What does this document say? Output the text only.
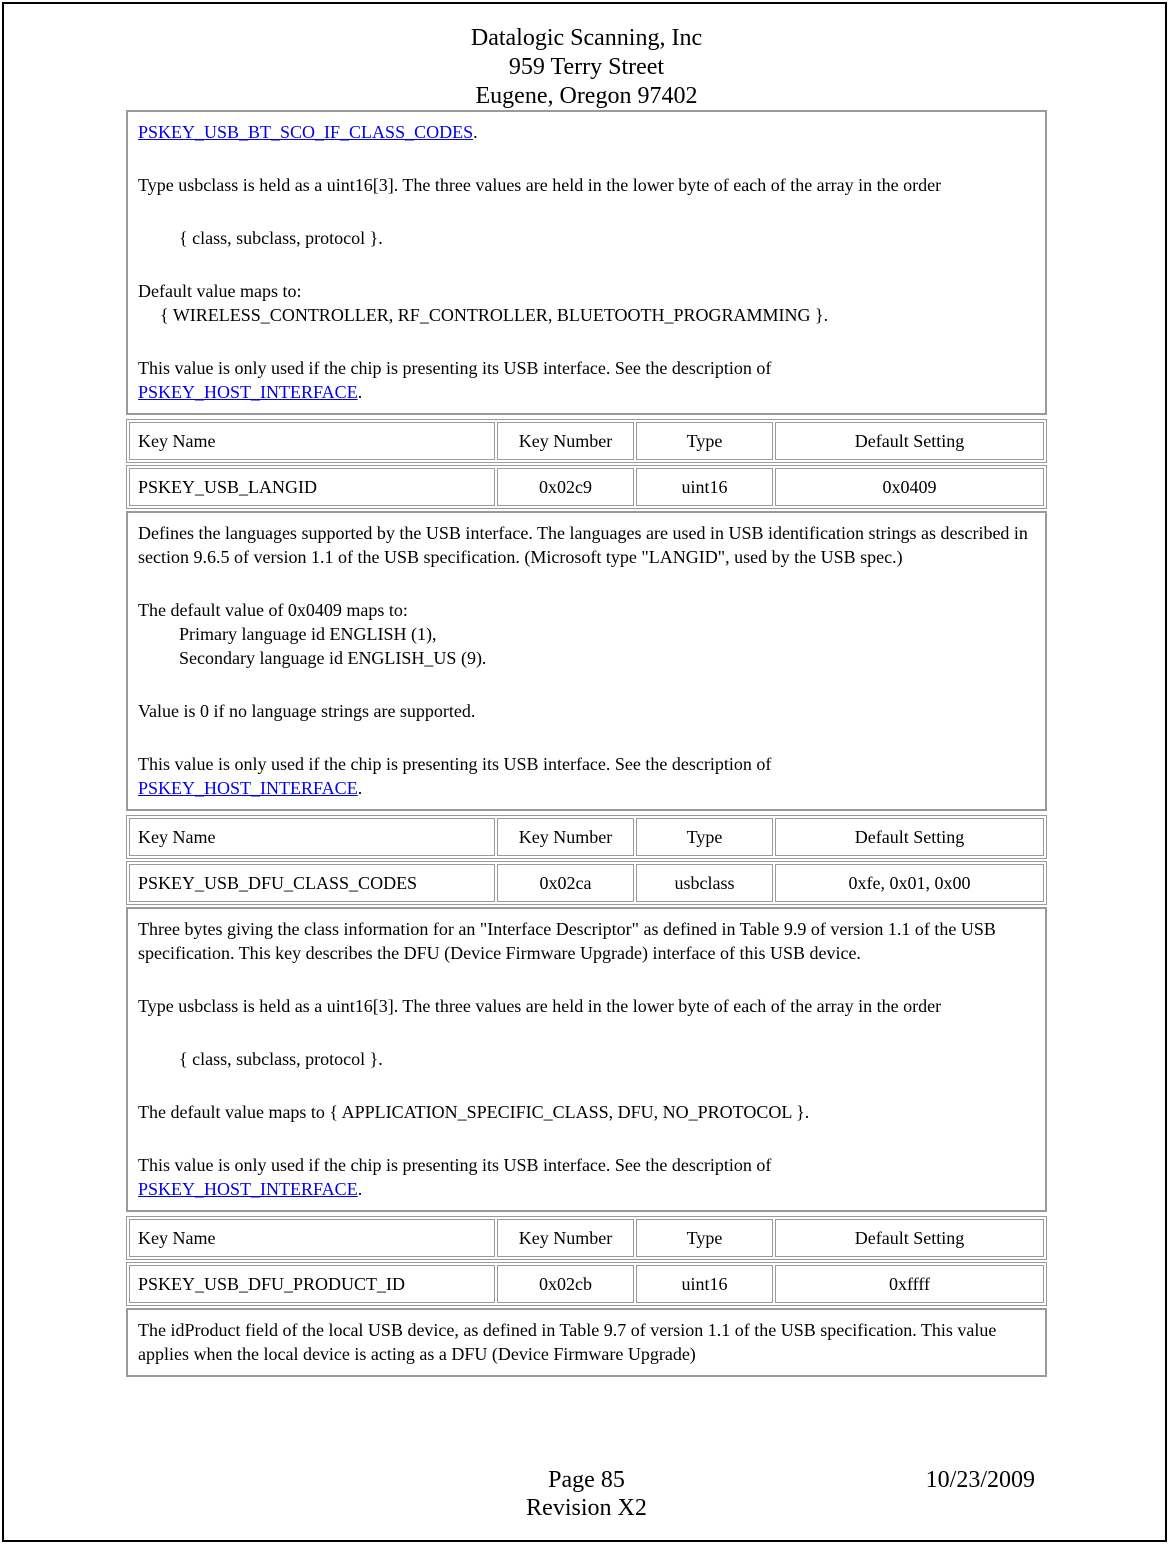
Datalogic Scanning, Inc
959 Terry Street
Eugene, Oregon 97402

PSKEY_USB_BT_SCO_IF_CLASS_CODES.

Type usbclass is held as a uint16[3]. The three values are held in the lower byte of each of the array in the order

{ class, subclass, protocol }.

Default value maps to:

{ WIRELESS_CONTROLLER, RF_CONTROLLER, BLUETOOTH_PROGRAMMING }.

This value is only used if the chip is presenting its USB interface. See the description of
PSKEY_HOST_INTERFACE.

Key Name	Key Number	Type	Default Setting
PSKEY_USB_LANGID	0x02c9	uint16	0x0409

Defines the languages supported by the USB interface. The languages are used in USB identification strings as described in section 9.6.5 of version 1.1 of the USB specification. (Microsoft type "LANGID", used by the USB spec.)

The default value of 0x0409 maps to:

Primary language id ENGLISH (1),
Secondary language id ENGLISH_US (9).

Value is 0 if no language strings are supported.

This value is only used if the chip is presenting its USB interface. See the description of
PSKEY_HOST_INTERFACE.

Key Name	Key Number	Type	Default Setting
PSKEY_USB_DFU_CLASS_CODES	0x02ca	usbclass	0xfe, 0x01, 0x00

Three bytes giving the class information for an "Interface Descriptor" as defined in Table 9.9 of version 1.1 of the USB specification. This key describes the DFU (Device Firmware Upgrade) interface of this USB device.

Type usbclass is held as a uint16[3]. The three values are held in the lower byte of each of the array in the order

{ class, subclass, protocol }.

The default value maps to { APPLICATION_SPECIFIC_CLASS, DFU, NO_PROTOCOL }.

This value is only used if the chip is presenting its USB interface. See the description of
PSKEY_HOST_INTERFACE.

Key Name	Key Number	Type	Default Setting
PSKEY_USB_DFU_PRODUCT_ID	0x02cb	uint16	0xffff

The idProduct field of the local USB device, as defined in Table 9.7 of version 1.1 of the USB specification. This value applies when the local device is acting as a DFU (Device Firmware Upgrade)

Page 85
Revision X2
10/23/2009
